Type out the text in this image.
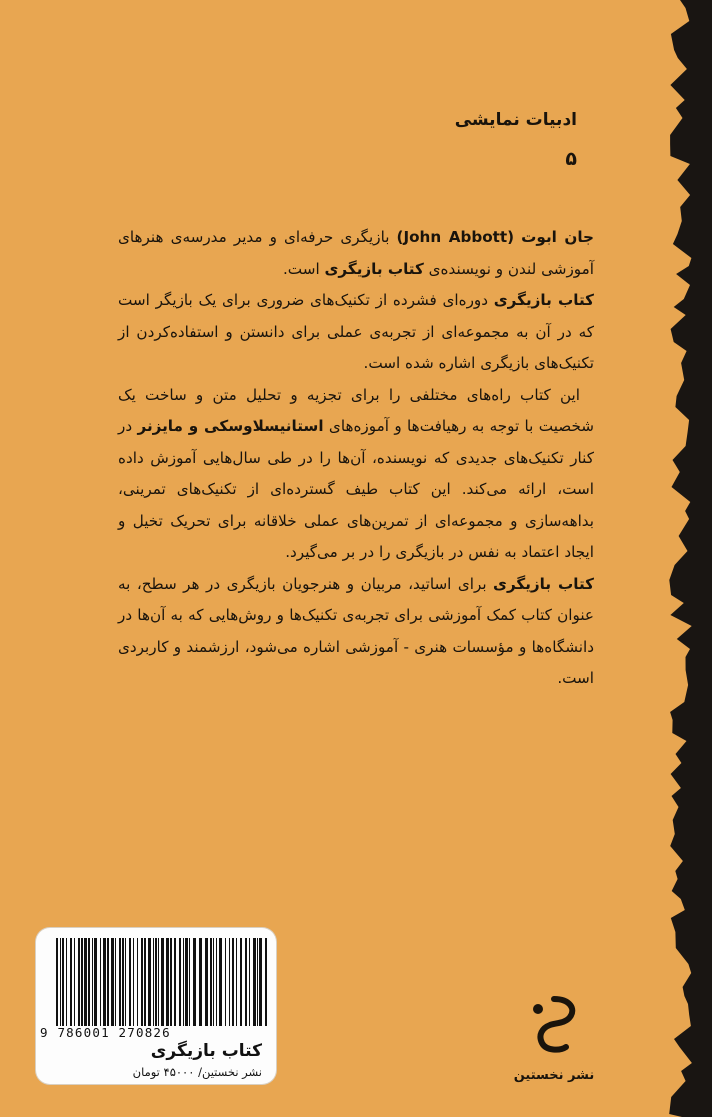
ادبیات نمایشی
۵

جان ابوت (John Abbott) بازیگری حرفه‌ای و مدیر مدرسه‌ی هنرهای آموزشی لندن و نویسنده‌ی کتاب بازیگری است.

کتاب بازیگری دوره‌ای فشرده از تکنیک‌های ضروری برای یک بازیگر است که در آن به مجموعه‌ای از تجربه‌ی عملی برای دانستن و استفاده‌کردن از تکنیک‌های بازیگری اشاره شده است.

این کتاب راه‌های مختلفی را برای تجزیه و تحلیل متن و ساخت یک شخصیت با توجه به رهیافت‌ها و آموزه‌های استانیسلاوسکی و مایزنر در کنار تکنیک‌های جدیدی که نویسنده، آن‌ها را در طی سال‌هایی آموزش داده است، ارائه می‌کند. این کتاب طیف گسترده‌ای از تکنیک‌های تمرینی، بداهه‌سازی و مجموعه‌ای از تمرین‌های عملی خلاقانه برای تحریک تخیل و ایجاد اعتماد به نفس در بازیگری را در بر می‌گیرد.

کتاب بازیگری برای اساتید، مربیان و هنرجویان بازیگری در هر سطح، به عنوان کتاب کمک آموزشی برای تجربه‌ی تکنیک‌ها و روش‌هایی که به آن‌ها در دانشگاه‌ها و مؤسسات هنری - آموزشی اشاره می‌شود، ارزشمند و کاربردی است.

9 786001 270826
کتاب بازیگری
نشر نخستین/ ۴۵۰۰۰ تومان	نشر نخستین
